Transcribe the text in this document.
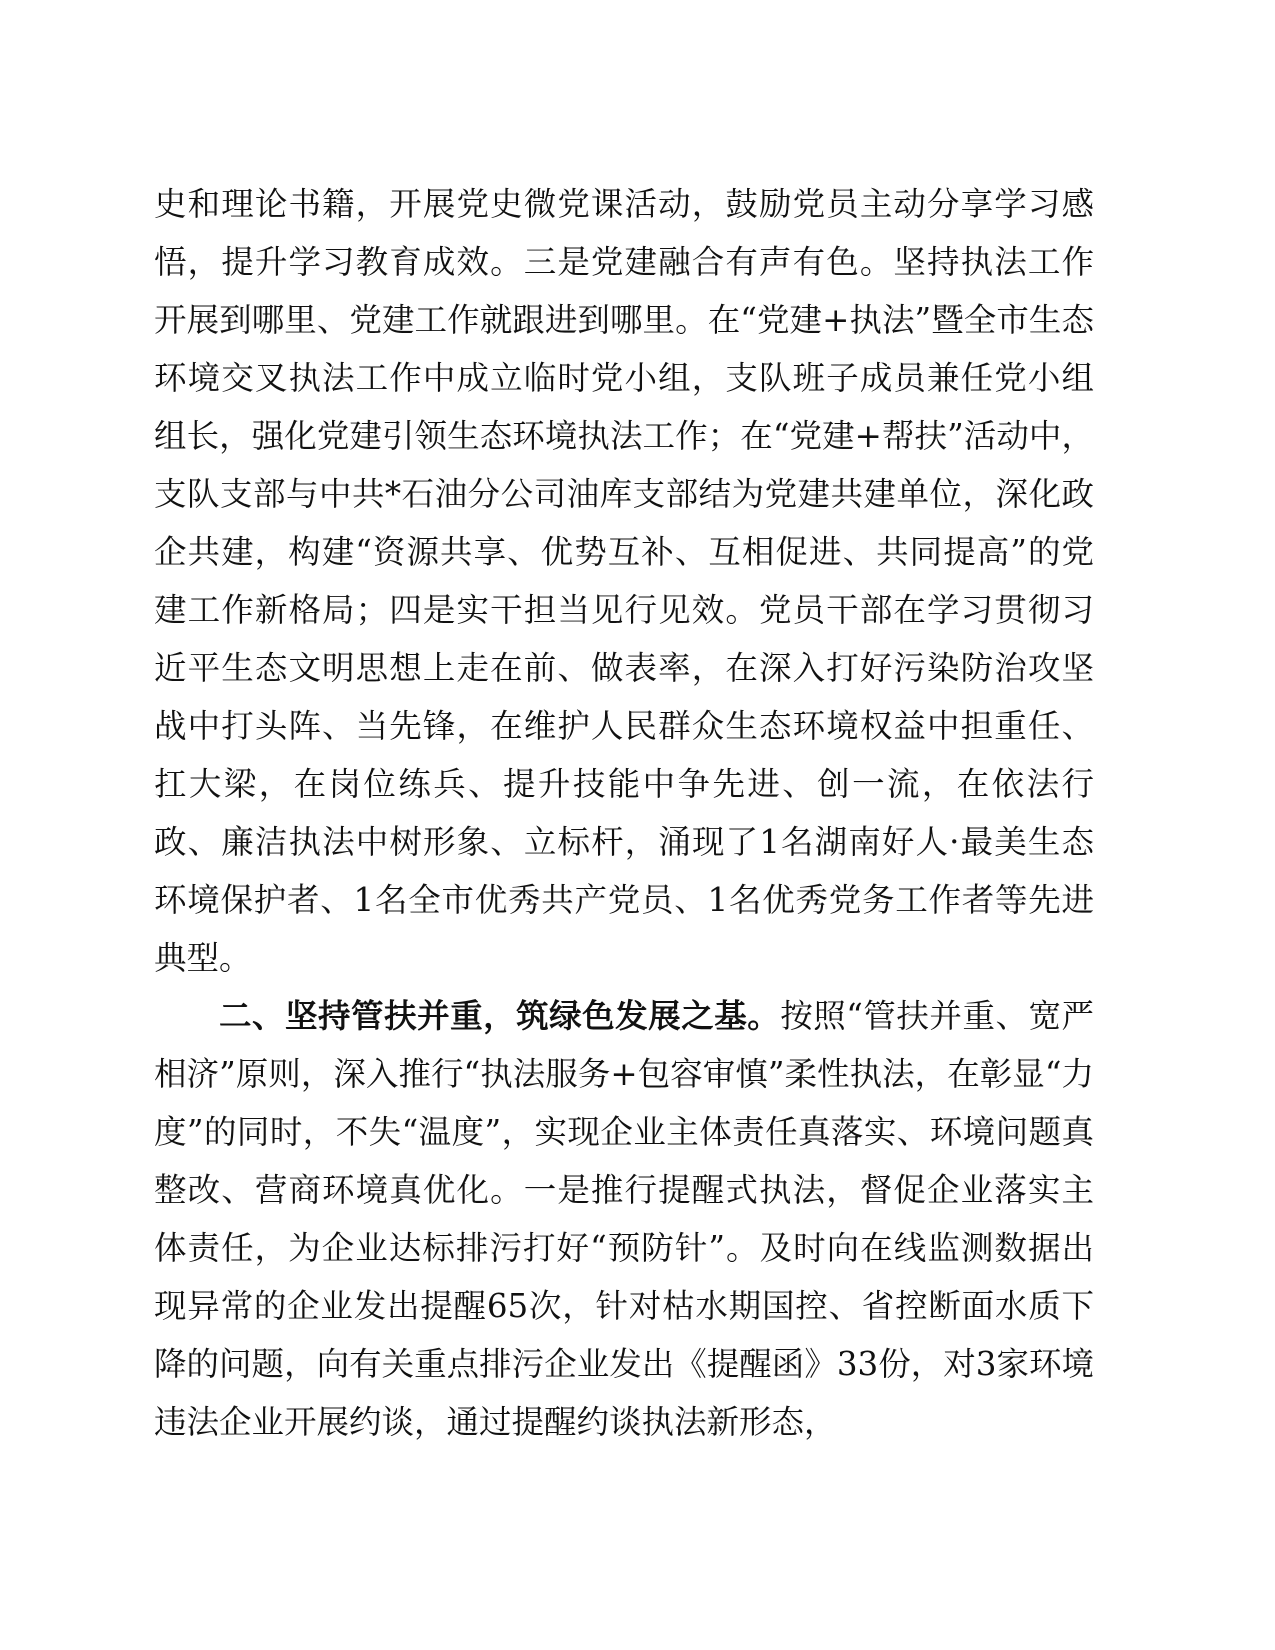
史和理论书籍，开展党史微党课活动，鼓励党员主动分享学习感悟，提升学习教育成效。三是党建融合有声有色。坚持执法工作开展到哪里、党建工作就跟进到哪里。在“党建+执法”暨全市生态环境交叉执法工作中成立临时党小组，支队班子成员兼任党小组组长，强化党建引领生态环境执法工作；在“党建+帮扶”活动中，支队支部与中共*石油分公司油库支部结为党建共建单位，深化政企共建，构建“资源共享、优势互补、互相促进、共同提高”的党建工作新格局；四是实干担当见行见效。党员干部在学习贯彻习近平生态文明思想上走在前、做表率，在深入打好污染防治攻坚战中打头阵、当先锋，在维护人民群众生态环境权益中担重任、扛大梁，在岗位练兵、提升技能中争先进、创一流，在依法行政、廉洁执法中树形象、立标杆，涌现了1名湖南好人·最美生态环境保护者、1名全市优秀共产党员、1名优秀党务工作者等先进典型。

二、坚持管扶并重，筑绿色发展之基。按照“管扶并重、宽严相济”原则，深入推行“执法服务+包容审慎”柔性执法，在彰显“力度”的同时，不失“温度”，实现企业主体责任真落实、环境问题真整改、营商环境真优化。一是推行提醒式执法，督促企业落实主体责任，为企业达标排污打好“预防针”。及时向在线监测数据出现异常的企业发出提醒65次，针对枯水期国控、省控断面水质下降的问题，向有关重点排污企业发出《提醒函》33份，对3家环境违法企业开展约谈，通过提醒约谈执法新形态，
